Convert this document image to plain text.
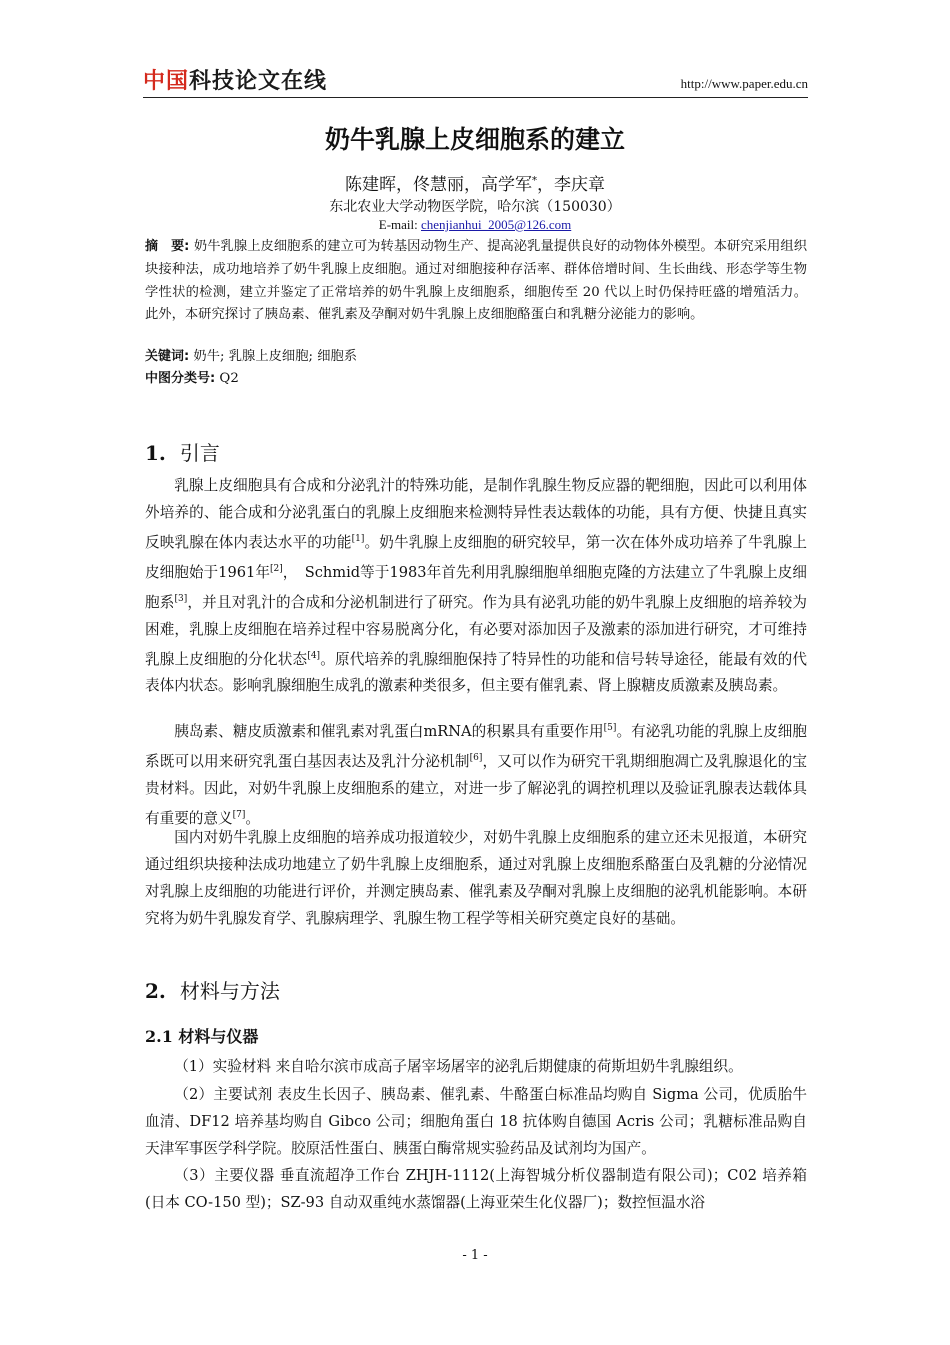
中国科技论文在线	http://www.paper.edu.cn
奶牛乳腺上皮细胞系的建立
陈建晖，佟慧丽，高学军*，李庆章
东北农业大学动物医学院，哈尔滨（150030）
E-mail: chenjianhui_2005@126.com
摘　要: 奶牛乳腺上皮细胞系的建立可为转基因动物生产、提高泌乳量提供良好的动物体外模型。本研究采用组织块接种法，成功地培养了奶牛乳腺上皮细胞。通过对细胞接种存活率、群体倍增时间、生长曲线、形态学等生物学性状的检测，建立并鉴定了正常培养的奶牛乳腺上皮细胞系，细胞传至 20 代以上时仍保持旺盛的增殖活力。此外，本研究探讨了胰岛素、催乳素及孕酮对奶牛乳腺上皮细胞酪蛋白和乳糖分泌能力的影响。
关键词: 奶牛; 乳腺上皮细胞; 细胞系
中图分类号: Q2
1. 引言
乳腺上皮细胞具有合成和分泌乳汁的特殊功能，是制作乳腺生物反应器的靶细胞，因此可以利用体外培养的、能合成和分泌乳蛋白的乳腺上皮细胞来检测特异性表达载体的功能，具有方便、快捷且真实反映乳腺在体内表达水平的功能[1]。奶牛乳腺上皮细胞的研究较早，第一次在体外成功培养了牛乳腺上皮细胞始于1961年[2]，　Schmid等于1983年首先利用乳腺细胞单细胞克隆的方法建立了牛乳腺上皮细胞系[3]，并且对乳汁的合成和分泌机制进行了研究。作为具有泌乳功能的奶牛乳腺上皮细胞的培养较为困难，乳腺上皮细胞在培养过程中容易脱离分化，有必要对添加因子及激素的添加进行研究，才可维持乳腺上皮细胞的分化状态[4]。原代培养的乳腺细胞保持了特异性的功能和信号转导途径，能最有效的代表体内状态。影响乳腺细胞生成乳的激素种类很多，但主要有催乳素、肾上腺糖皮质激素及胰岛素。
胰岛素、糖皮质激素和催乳素对乳蛋白mRNA的积累具有重要作用[5]。有泌乳功能的乳腺上皮细胞系既可以用来研究乳蛋白基因表达及乳汁分泌机制[6]，又可以作为研究干乳期细胞凋亡及乳腺退化的宝贵材料。因此，对奶牛乳腺上皮细胞系的建立，对进一步了解泌乳的调控机理以及验证乳腺表达载体具有重要的意义[7]。
国内对奶牛乳腺上皮细胞的培养成功报道较少，对奶牛乳腺上皮细胞系的建立还未见报道，本研究通过组织块接种法成功地建立了奶牛乳腺上皮细胞系，通过对乳腺上皮细胞系酪蛋白及乳糖的分泌情况对乳腺上皮细胞的功能进行评价，并测定胰岛素、催乳素及孕酮对乳腺上皮细胞的泌乳机能影响。本研究将为奶牛乳腺发育学、乳腺病理学、乳腺生物工程学等相关研究奠定良好的基础。
2. 材料与方法
2.1 材料与仪器
（1）实验材料 来自哈尔滨市成高子屠宰场屠宰的泌乳后期健康的荷斯坦奶牛乳腺组织。
（2）主要试剂 表皮生长因子、胰岛素、催乳素、牛酪蛋白标准品均购自 Sigma 公司，优质胎牛血清、DF12 培养基均购自 Gibco 公司；细胞角蛋白 18 抗体购自德国 Acris 公司；乳糖标准品购自天津军事医学科学院。胶原活性蛋白、胰蛋白酶常规实验药品及试剂均为国产。
（3）主要仪器 垂直流超净工作台 ZHJH-1112(上海智城分析仪器制造有限公司)；C02 培养箱(日本 CO-150 型)；SZ-93 自动双重纯水蒸馏器(上海亚荣生化仪器厂)；数控恒温水浴
- 1 -
